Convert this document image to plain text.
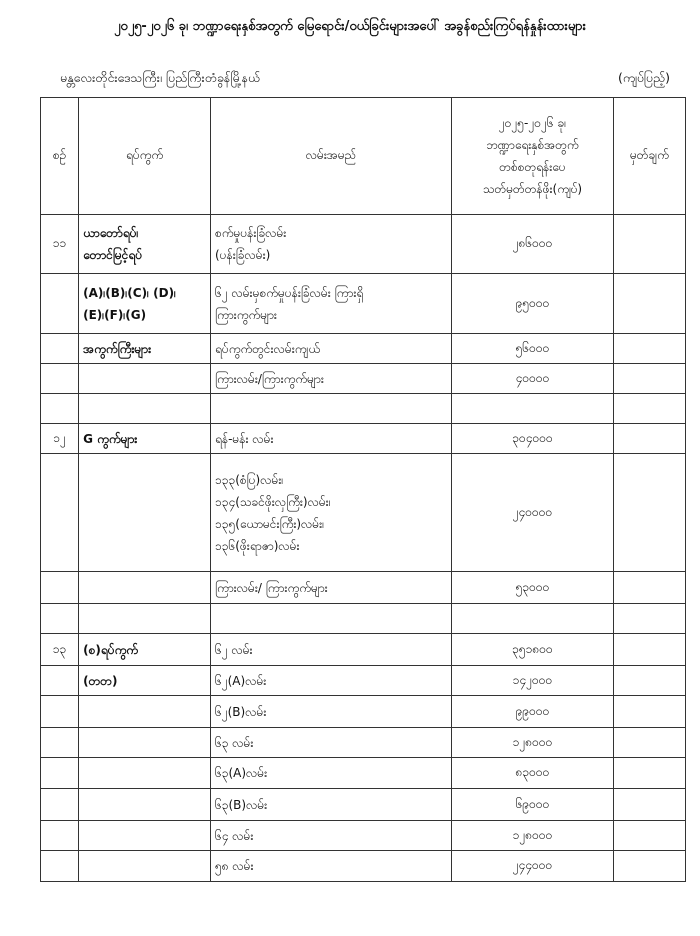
၂၀၂၅-၂၀၂၆ ခု၊ ဘဏ္ဍာရေးနှစ်အတွက် မြေရောင်း/ဝယ်ခြင်းများအပေါ် အခွန်စည်းကြပ်ရန်နှုန်းထားများ
မန္တလေးတိုင်းဒေသကြီး၊ ပြည်ကြီးတံခွန်မြို့နယ်	(ကျပ်ပြည့်)
စဉ်	ရပ်ကွက်	လမ်းအမည်	၂၀၂၅-၂၀၂၆ ခု၊
ဘဏ္ဍာရေးနှစ်အတွက်
တစ်စတုရန်းပေ
သတ်မှတ်တန်ဖိုး(ကျပ်)	မှတ်ချက်
၁၁	ယာတော်ရပ်၊
တောင်မြင့်ရပ်	စက်မှုပန်းခြံလမ်း
(ပန်းခြံလမ်း)	၂၈၆၀၀၀	

	(A)၊(B)၊(C)၊ (D)၊
(E)၊(F)၊(G)	၆၂ လမ်းမှစက်မှုပန်းခြံလမ်း ကြားရှိ
ကြားကွက်များ	၉၅၀၀၀	

	အကွက်ကြီးများ	ရပ်ကွက်တွင်းလမ်းကျယ်	၅၆၀၀၀	

		ကြားလမ်း/ကြားကွက်များ	၄၀၀၀၀	

၁၂	G ကွက်များ	ရန်-မန်း လမ်း	၃၀၄၀၀၀	

		၁၃၃(စံပြ)လမ်း၊
၁၃၄(သခင်ဖိုးလှကြီး)လမ်း၊
၁၃၅(ယောမင်းကြီး)လမ်း၊
၁၃၆(ဖိုးရာဇာ)လမ်း	၂၄၀၀၀၀	

		ကြားလမ်း/ ကြားကွက်များ	၅၃၀၀၀	

၁၃	(စ)ရပ်ကွက်	၆၂ လမ်း	၃၅၁၈၀၀	

	(တတ)	၆၂(A)လမ်း	၁၄၂၀၀၀	

		၆၂(B)လမ်း	၉၉၀၀၀	

		၆၃ လမ်း	၁၂၈၀၀၀	

		၆၃(A)လမ်း	၈၃၀၀၀	

		၆၃(B)လမ်း	၆၉၀၀၀	

		၆၄ လမ်း	၁၂၈၀၀၀	

		၅၈ လမ်း	၂၄၄၀၀၀	
